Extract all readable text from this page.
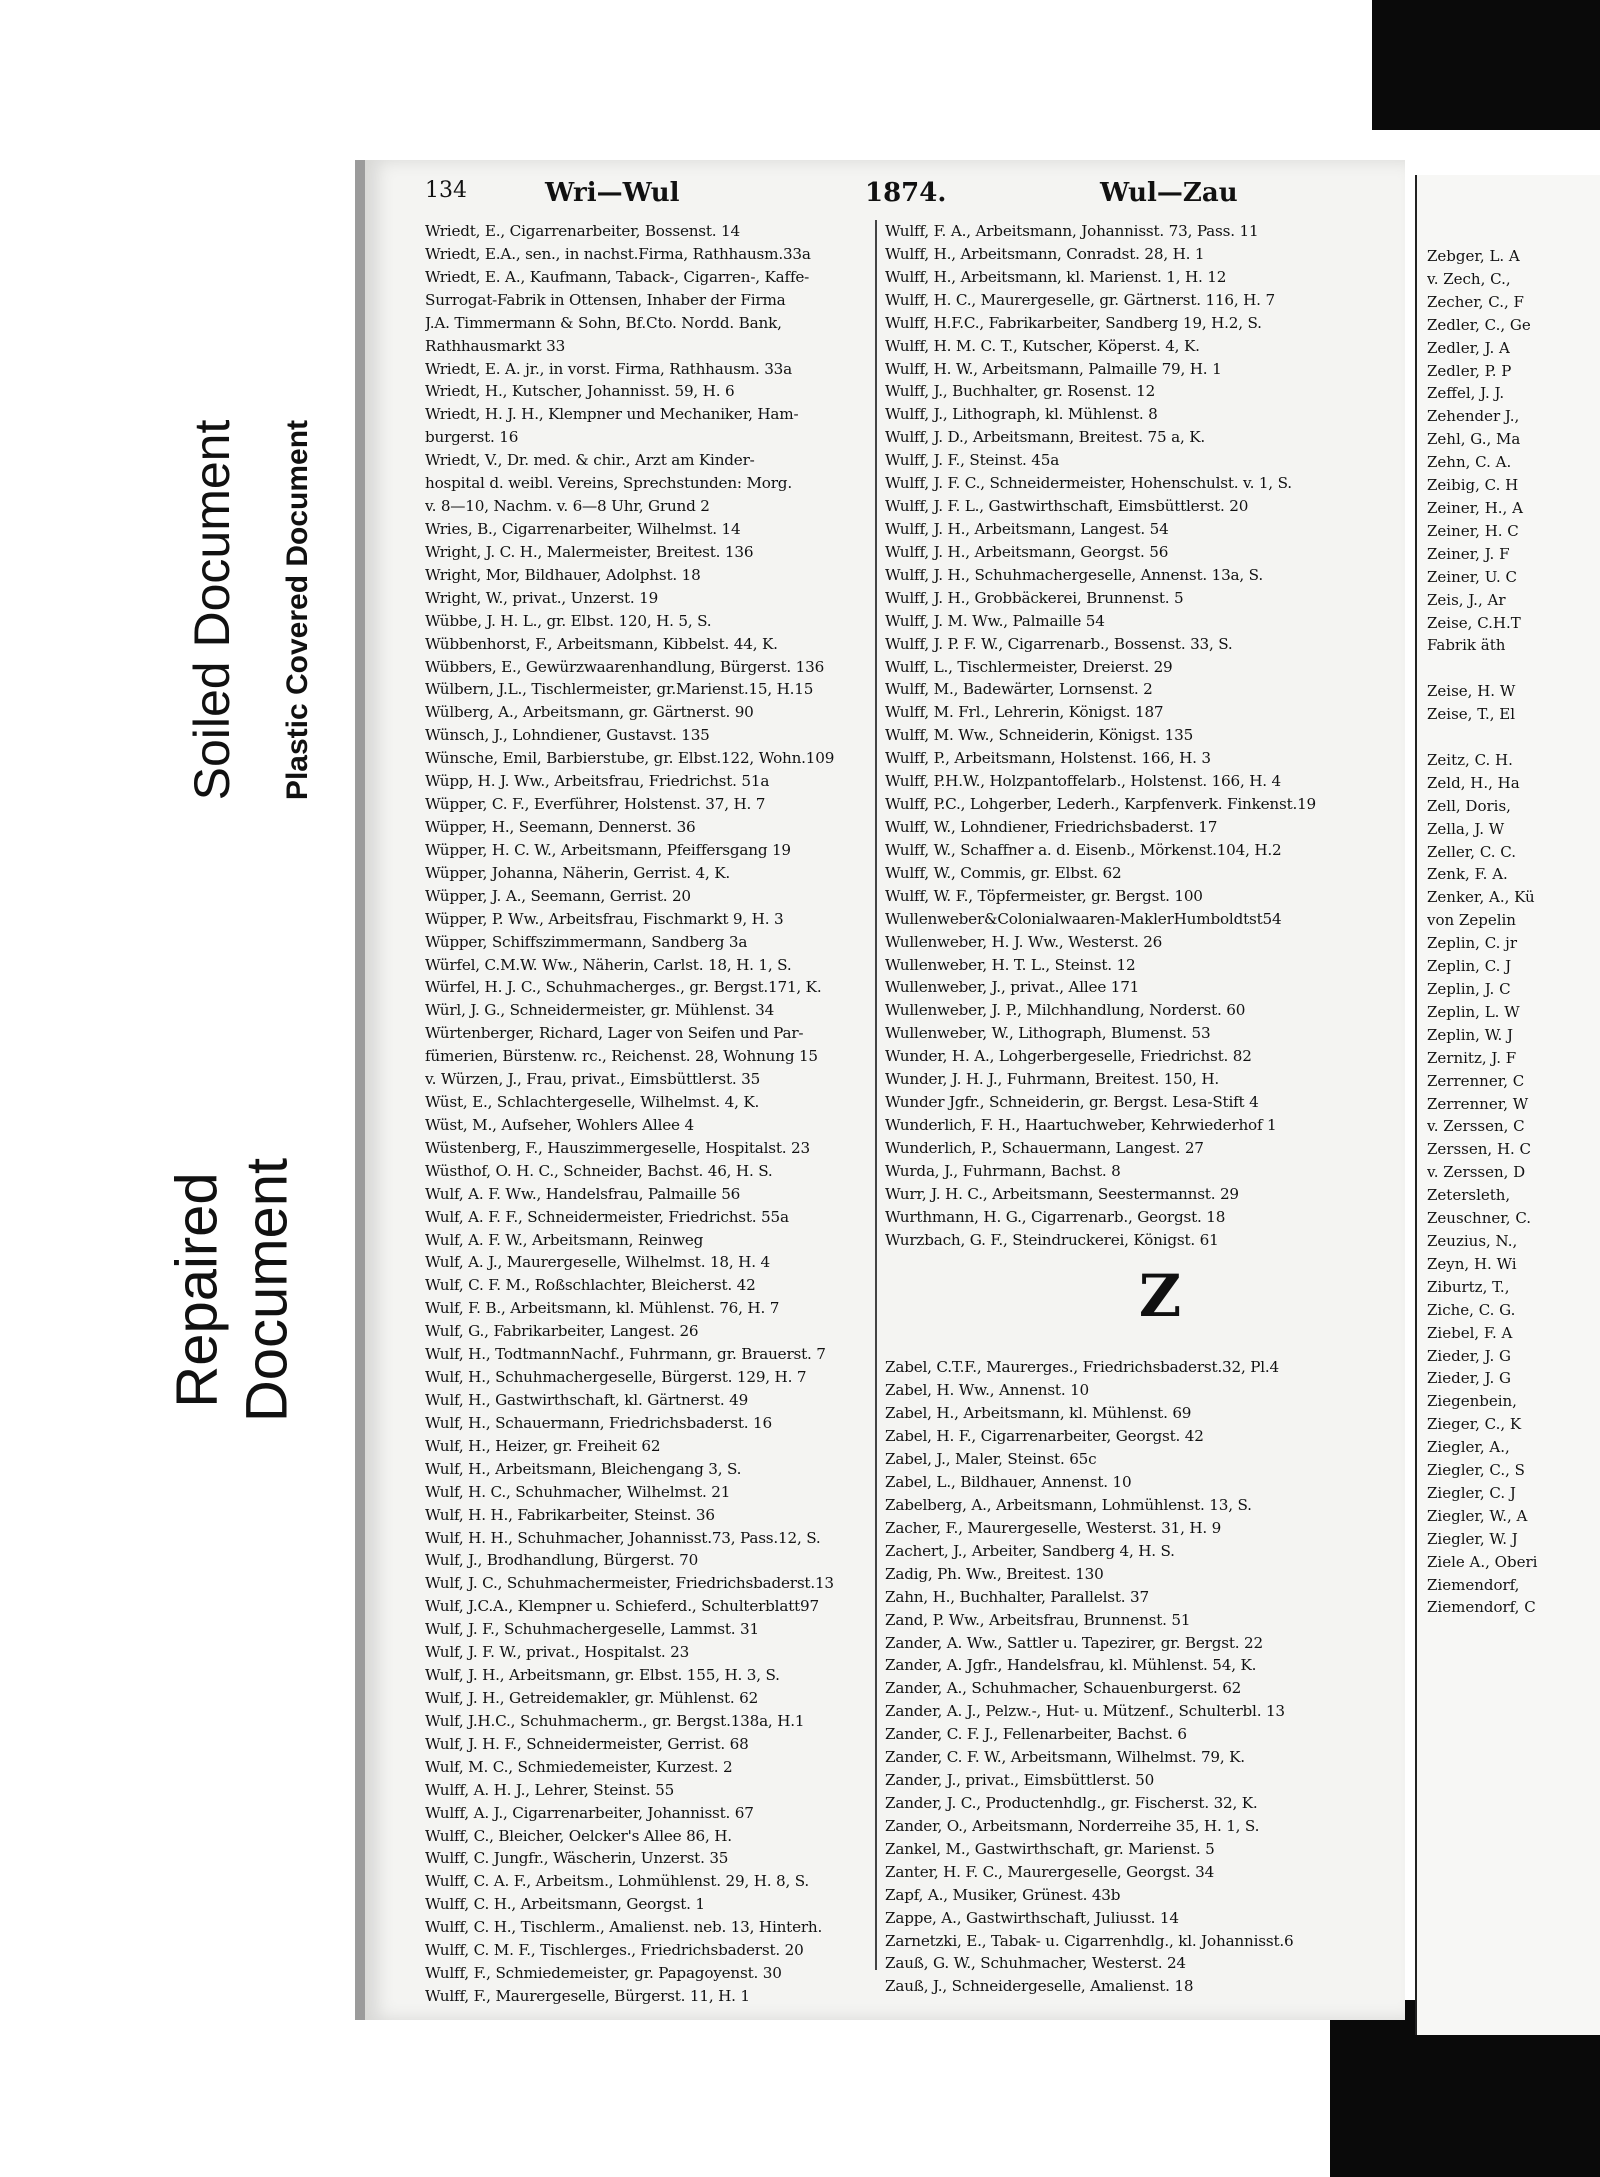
Soiled Document Plastic Covered Document
Repaired Document
134	Wri—Wul	1874.	Wul—Zau
Wriedt, E., Cigarrenarbeiter, Bossenst. 14
Wriedt, E.A., sen., in nachst.Firma, Rathhausm.33a
Wriedt, E. A., Kaufmann, Taback-, Cigarren-, Kaffe-
Surrogat-Fabrik in Ottensen, Inhaber der Firma
J.A. Timmermann & Sohn, Bf.Cto. Nordd. Bank,
Rathhausmarkt 33
Wriedt, E. A. jr., in vorst. Firma, Rathhausm. 33a
Wriedt, H., Kutscher, Johannisst. 59, H. 6
Wriedt, H. J. H., Klempner und Mechaniker, Ham-
burgerst. 16
Wriedt, V., Dr. med. & chir., Arzt am Kinder-
hospital d. weibl. Vereins, Sprechstunden: Morg.
v. 8—10, Nachm. v. 6—8 Uhr, Grund 2
Wries, B., Cigarrenarbeiter, Wilhelmst. 14
Wright, J. C. H., Malermeister, Breitest. 136
Wright, Mor, Bildhauer, Adolphst. 18
Wright, W., privat., Unzerst. 19
Wübbe, J. H. L., gr. Elbst. 120, H. 5, S.
Wübbenhorst, F., Arbeitsmann, Kibbelst. 44, K.
Wübbers, E., Gewürzwaarenhandlung, Bürgerst. 136
Wülbern, J.L., Tischlermeister, gr.Marienst.15, H.15
Wülberg, A., Arbeitsmann, gr. Gärtnerst. 90
Wünsch, J., Lohndiener, Gustavst. 135
Wünsche, Emil, Barbierstube, gr. Elbst.122, Wohn.109
Wüpp, H. J. Ww., Arbeitsfrau, Friedrichst. 51a
Wüpper, C. F., Everführer, Holstenst. 37, H. 7
Wüpper, H., Seemann, Dennerst. 36
Wüpper, H. C. W., Arbeitsmann, Pfeiffersgang 19
Wüpper, Johanna, Näherin, Gerrist. 4, K.
Wüpper, J. A., Seemann, Gerrist. 20
Wüpper, P. Ww., Arbeitsfrau, Fischmarkt 9, H. 3
Wüpper, Schiffszimmermann, Sandberg 3a
Würfel, C.M.W. Ww., Näherin, Carlst. 18, H. 1, S.
Würfel, H. J. C., Schuhmacherges., gr. Bergst.171, K.
Würl, J. G., Schneidermeister, gr. Mühlenst. 34
Würtenberger, Richard, Lager von Seifen und Par-
fümerien, Bürstenw. rc., Reichenst. 28, Wohnung 15
v. Würzen, J., Frau, privat., Eimsbüttlerst. 35
Wüst, E., Schlachtergeselle, Wilhelmst. 4, K.
Wüst, M., Aufseher, Wohlers Allee 4
Wüstenberg, F., Hauszimmergeselle, Hospitalst. 23
Wüsthof, O. H. C., Schneider, Bachst. 46, H. S.
Wulf, A. F. Ww., Handelsfrau, Palmaille 56
Wulf, A. F. F., Schneidermeister, Friedrichst. 55a
Wulf, A. F. W., Arbeitsmann, Reinweg
Wulf, A. J., Maurergeselle, Wilhelmst. 18, H. 4
Wulf, C. F. M., Roßschlachter, Bleicherst. 42
Wulf, F. B., Arbeitsmann, kl. Mühlenst. 76, H. 7
Wulf, G., Fabrikarbeiter, Langest. 26
Wulf, H., TodtmannNachf., Fuhrmann, gr. Brauerst. 7
Wulf, H., Schuhmachergeselle, Bürgerst. 129, H. 7
Wulf, H., Gastwirthschaft, kl. Gärtnerst. 49
Wulf, H., Schauermann, Friedrichsbaderst. 16
Wulf, H., Heizer, gr. Freiheit 62
Wulf, H., Arbeitsmann, Bleichengang 3, S.
Wulf, H. C., Schuhmacher, Wilhelmst. 21
Wulf, H. H., Fabrikarbeiter, Steinst. 36
Wulf, H. H., Schuhmacher, Johannisst.73, Pass.12, S.
Wulf, J., Brodhandlung, Bürgerst. 70
Wulf, J. C., Schuhmachermeister, Friedrichsbaderst.13
Wulf, J.C.A., Klempner u. Schieferd., Schulterblatt97
Wulf, J. F., Schuhmachergeselle, Lammst. 31
Wulf, J. F. W., privat., Hospitalst. 23
Wulf, J. H., Arbeitsmann, gr. Elbst. 155, H. 3, S.
Wulf, J. H., Getreidemakler, gr. Mühlenst. 62
Wulf, J.H.C., Schuhmacherm., gr. Bergst.138a, H.1
Wulf, J. H. F., Schneidermeister, Gerrist. 68
Wulf, M. C., Schmiedemeister, Kurzest. 2
Wulff, A. H. J., Lehrer, Steinst. 55
Wulff, A. J., Cigarrenarbeiter, Johannisst. 67
Wulff, C., Bleicher, Oelcker's Allee 86, H.
Wulff, C. Jungfr., Wäscherin, Unzerst. 35
Wulff, C. A. F., Arbeitsm., Lohmühlenst. 29, H. 8, S.
Wulff, C. H., Arbeitsmann, Georgst. 1
Wulff, C. H., Tischlerm., Amalienst. neb. 13, Hinterh.
Wulff, C. M. F., Tischlerges., Friedrichsbaderst. 20
Wulff, F., Schmiedemeister, gr. Papagoyenst. 30
Wulff, F., Maurergeselle, Bürgerst. 11, H. 1
Wulff, F. A., Arbeitsmann, Johannisst. 73, Pass. 11
Wulff, H., Arbeitsmann, Conradst. 28, H. 1
Wulff, H., Arbeitsmann, kl. Marienst. 1, H. 12
Wulff, H. C., Maurergeselle, gr. Gärtnerst. 116, H. 7
Wulff, H.F.C., Fabrikarbeiter, Sandberg 19, H.2, S.
Wulff, H. M. C. T., Kutscher, Köperst. 4, K.
Wulff, H. W., Arbeitsmann, Palmaille 79, H. 1
Wulff, J., Buchhalter, gr. Rosenst. 12
Wulff, J., Lithograph, kl. Mühlenst. 8
Wulff, J. D., Arbeitsmann, Breitest. 75 a, K.
Wulff, J. F., Steinst. 45a
Wulff, J. F. C., Schneidermeister, Hohenschulst. v. 1, S.
Wulff, J. F. L., Gastwirthschaft, Eimsbüttlerst. 20
Wulff, J. H., Arbeitsmann, Langest. 54
Wulff, J. H., Arbeitsmann, Georgst. 56
Wulff, J. H., Schuhmachergeselle, Annenst. 13a, S.
Wulff, J. H., Grobbäckerei, Brunnenst. 5
Wulff, J. M. Ww., Palmaille 54
Wulff, J. P. F. W., Cigarrenarb., Bossenst. 33, S.
Wulff, L., Tischlermeister, Dreierst. 29
Wulff, M., Badewärter, Lornsenst. 2
Wulff, M. Frl., Lehrerin, Königst. 187
Wulff, M. Ww., Schneiderin, Königst. 135
Wulff, P., Arbeitsmann, Holstenst. 166, H. 3
Wulff, P.H.W., Holzpantoffelarb., Holstenst. 166, H. 4
Wulff, P.C., Lohgerber, Lederh., Karpfenverk. Finkenst.19
Wulff, W., Lohndiener, Friedrichsbaderst. 17
Wulff, W., Schaffner a. d. Eisenb., Mörkenst.104, H.2
Wulff, W., Commis, gr. Elbst. 62
Wulff, W. F., Töpfermeister, gr. Bergst. 100
Wullenweber&Colonialwaaren-MaklerHumboldtst54
Wullenweber, H. J. Ww., Westerst. 26
Wullenweber, H. T. L., Steinst. 12
Wullenweber, J., privat., Allee 171
Wullenweber, J. P., Milchhandlung, Norderst. 60
Wullenweber, W., Lithograph, Blumenst. 53
Wunder, H. A., Lohgerbergeselle, Friedrichst. 82
Wunder, J. H. J., Fuhrmann, Breitest. 150, H.
Wunder Jgfr., Schneiderin, gr. Bergst. Lesa-Stift 4
Wunderlich, F. H., Haartuchweber, Kehrwiederhof 1
Wunderlich, P., Schauermann, Langest. 27
Wurda, J., Fuhrmann, Bachst. 8
Wurr, J. H. C., Arbeitsmann, Seestermannst. 29
Wurthmann, H. G., Cigarrenarb., Georgst. 18
Wurzbach, G. F., Steindruckerei, Königst. 61
Z
Zabel, C.T.F., Maurerges., Friedrichsbaderst.32, Pl.4
Zabel, H. Ww., Annenst. 10
Zabel, H., Arbeitsmann, kl. Mühlenst. 69
Zabel, H. F., Cigarrenarbeiter, Georgst. 42
Zabel, J., Maler, Steinst. 65c
Zabel, L., Bildhauer, Annenst. 10
Zabelberg, A., Arbeitsmann, Lohmühlenst. 13, S.
Zacher, F., Maurergeselle, Westerst. 31, H. 9
Zachert, J., Arbeiter, Sandberg 4, H. S.
Zadig, Ph. Ww., Breitest. 130
Zahn, H., Buchhalter, Parallelst. 37
Zand, P. Ww., Arbeitsfrau, Brunnenst. 51
Zander, A. Ww., Sattler u. Tapezirer, gr. Bergst. 22
Zander, A. Jgfr., Handelsfrau, kl. Mühlenst. 54, K.
Zander, A., Schuhmacher, Schauenburgerst. 62
Zander, A. J., Pelzw.-, Hut- u. Mützenf., Schulterbl. 13
Zander, C. F. J., Fellenarbeiter, Bachst. 6
Zander, C. F. W., Arbeitsmann, Wilhelmst. 79, K.
Zander, J., privat., Eimsbüttlerst. 50
Zander, J. C., Productenhdlg., gr. Fischerst. 32, K.
Zander, O., Arbeitsmann, Norderreihe 35, H. 1, S.
Zankel, M., Gastwirthschaft, gr. Marienst. 5
Zanter, H. F. C., Maurergeselle, Georgst. 34
Zapf, A., Musiker, Grünest. 43b
Zappe, A., Gastwirthschaft, Juliusst. 14
Zarnetzki, E., Tabak- u. Cigarrenhdlg., kl. Johannisst.6
Zauß, G. W., Schuhmacher, Westerst. 24
Zauß, J., Schneidergeselle, Amalienst. 18
Zebger, L. A
v. Zech, C.,
Zecher, C., F
Zedler, C., Ge
Zedler, J. A
Zedler, P. P
Zeffel, J. J.
Zehender J.,
Zehl, G., Ma
Zehn, C. A.
Zeibig, C. H
Zeiner, H., A
Zeiner, H. C
Zeiner, J. F
Zeiner, U. C
Zeis, J., Ar
Zeise, C.H.T
Fabrik äth

Zeise, H. W
Zeise, T., El

Zeitz, C. H.
Zeld, H., Ha
Zell, Doris,
Zella, J. W
Zeller, C. C.
Zenk, F. A.
Zenker, A., Kü
von Zepelin
Zeplin, C. jr
Zeplin, C. J
Zeplin, J. C
Zeplin, L. W
Zeplin, W. J
Zernitz, J. F
Zerrenner, C
Zerrenner, W
v. Zerssen, C
Zerssen, H. C
v. Zerssen, D
Zetersleth,
Zeuschner, C.
Zeuzius, N.,
Zeyn, H. Wi
Ziburtz, T.,
Ziche, C. G.
Ziebel, F. A
Zieder, J. G
Zieder, J. G
Ziegenbein,
Zieger, C., K
Ziegler, A.,
Ziegler, C., S
Ziegler, C. J
Ziegler, W., A
Ziegler, W. J
Ziele A., Oberi
Ziemendorf,
Ziemendorf, C
